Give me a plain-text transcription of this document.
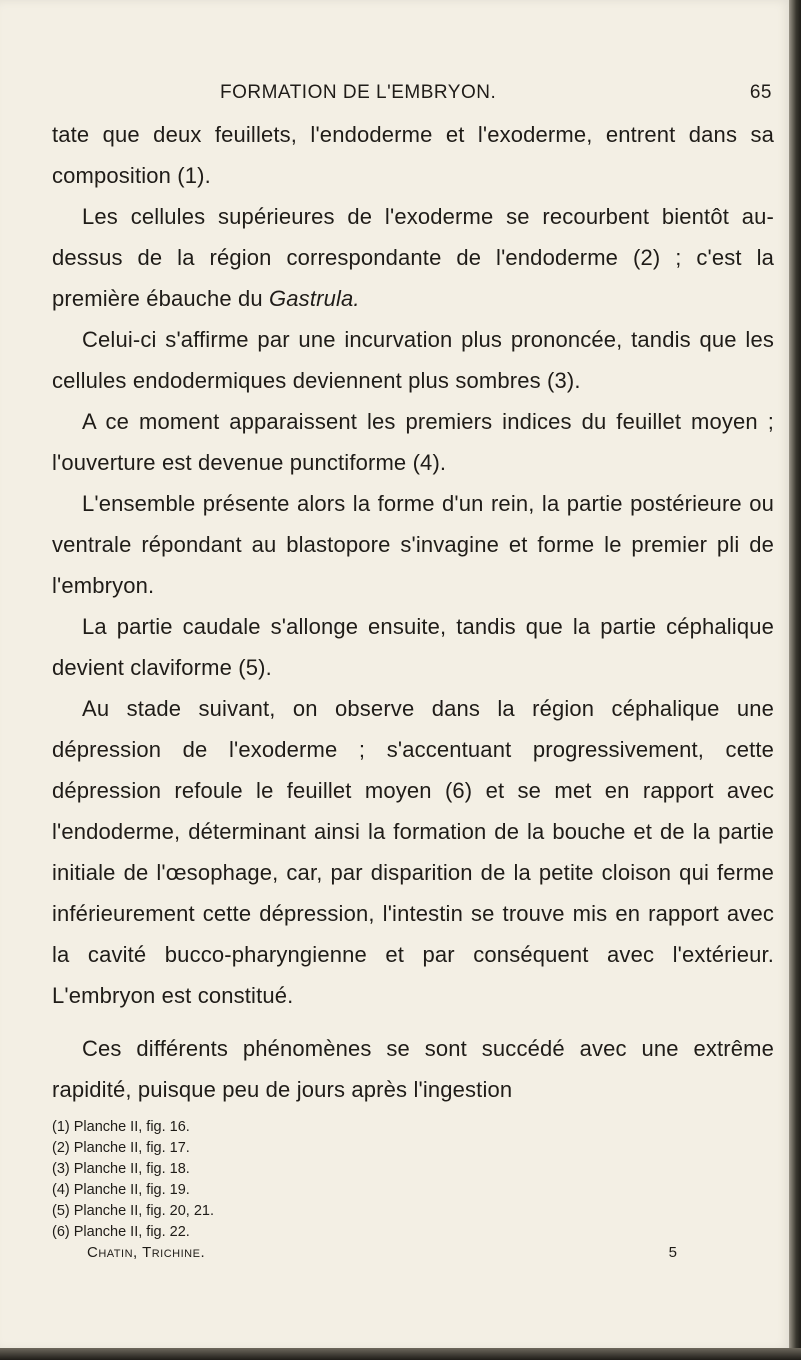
FORMATION DE L'EMBRYON.	65

tate que deux feuillets, l'endoderme et l'exoderme, entrent dans sa composition (1).

Les cellules supérieures de l'exoderme se recourbent bientôt au-dessus de la région correspondante de l'endoderme (2) ; c'est la première ébauche du Gastrula.

Celui-ci s'affirme par une incurvation plus prononcée, tandis que les cellules endodermiques deviennent plus sombres (3).

A ce moment apparaissent les premiers indices du feuillet moyen ; l'ouverture est devenue punctiforme (4).

L'ensemble présente alors la forme d'un rein, la partie postérieure ou ventrale répondant au blastopore s'invagine et forme le premier pli de l'embryon.

La partie caudale s'allonge ensuite, tandis que la partie céphalique devient claviforme (5).

Au stade suivant, on observe dans la région céphalique une dépression de l'exoderme ; s'accentuant progressivement, cette dépression refoule le feuillet moyen (6) et se met en rapport avec l'endoderme, déterminant ainsi la formation de la bouche et de la partie initiale de l'œsophage, car, par disparition de la petite cloison qui ferme inférieurement cette dépression, l'intestin se trouve mis en rapport avec la cavité bucco-pharyngienne et par conséquent avec l'extérieur. L'embryon est constitué.

Ces différents phénomènes se sont succédé avec une extrême rapidité, puisque peu de jours après l'ingestion

(1) Planche II, fig. 16.

(2) Planche II, fig. 17.

(3) Planche II, fig. 18.

(4) Planche II, fig. 19.

(5) Planche II, fig. 20, 21.

(6) Planche II, fig. 22.

Chatin, Trichine.	5
